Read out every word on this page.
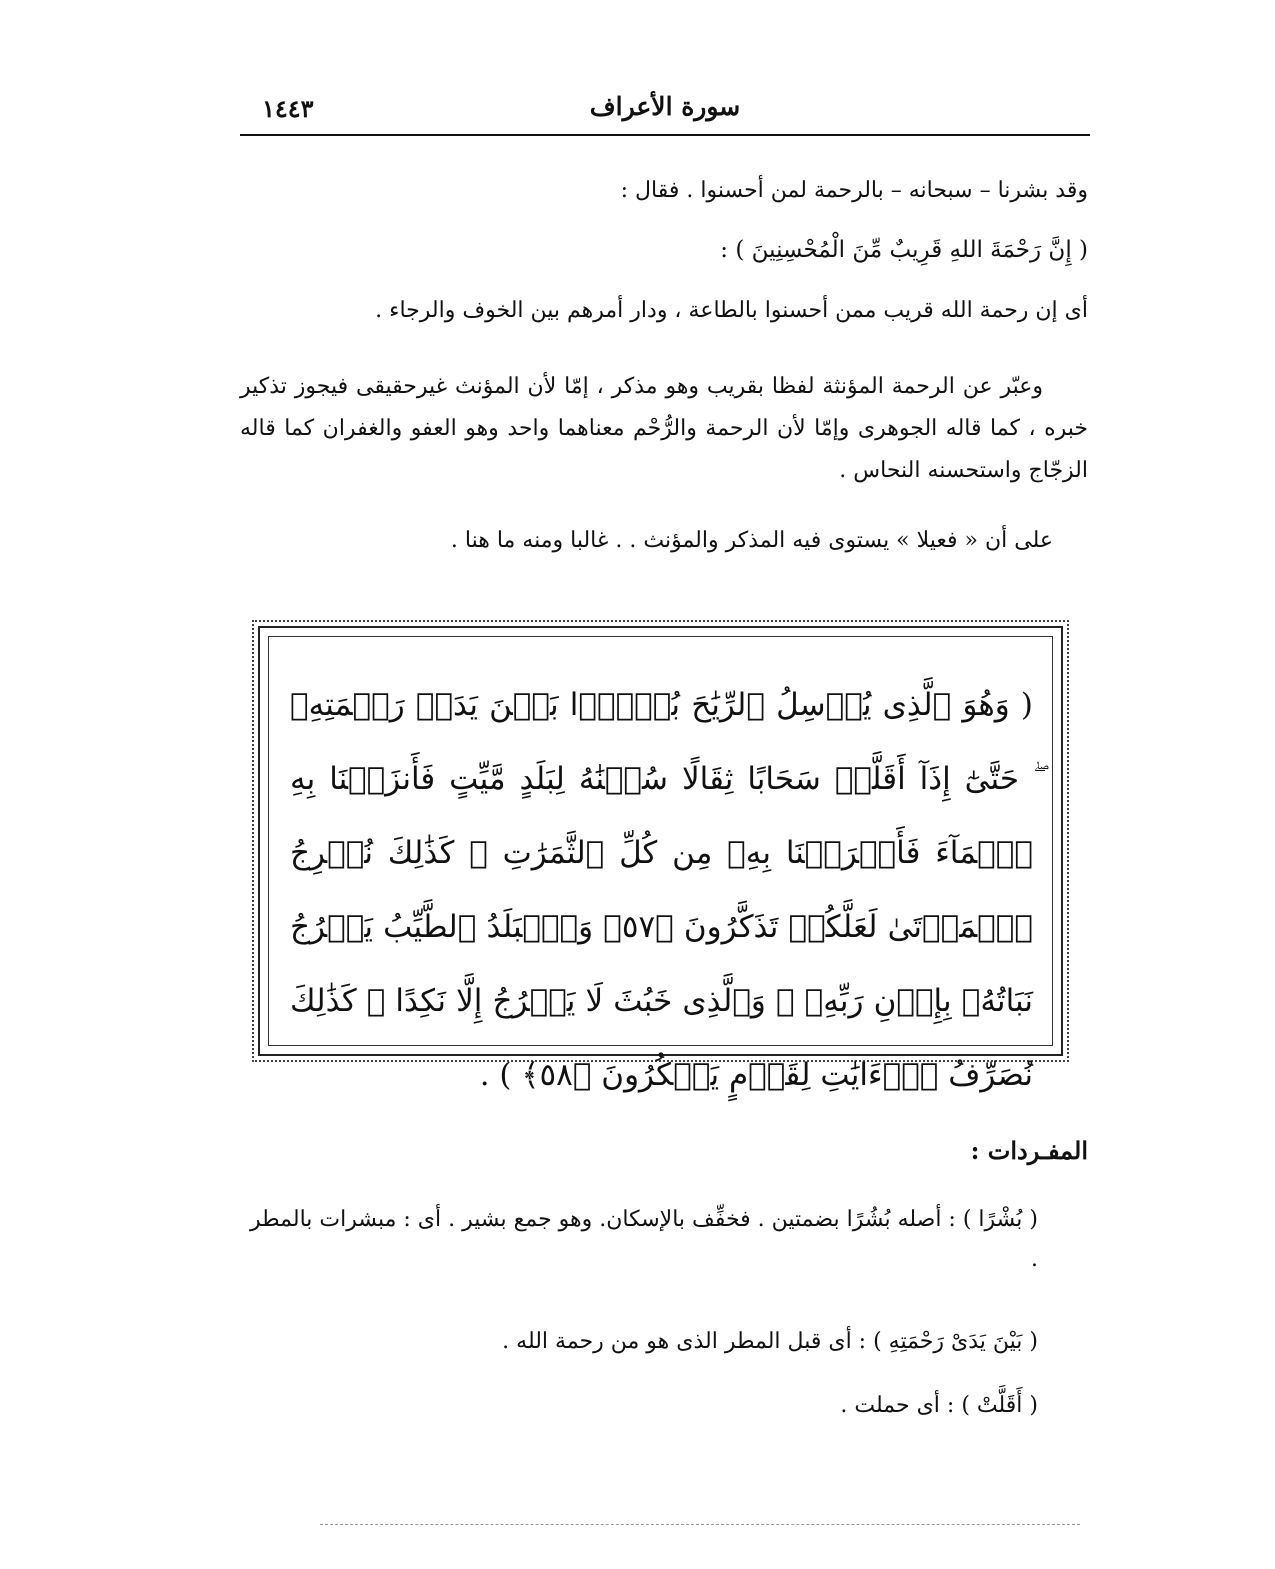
سورة الأعراف
١٤٤٣

وقد بشرنا – سبحانه – بالرحمة لمن أحسنوا . فقال :

( إِنَّ رَحْمَةَ اللهِ قَرِيبٌ مِّنَ الْمُحْسِنِينَ ) :

أى إن رحمة الله قريب ممن أحسنوا بالطاعة ، ودار أمرهم بين الخوف والرجاء .

وعبّر عن الرحمة المؤنثة لفظا بقريب وهو مذكر ، إمّا لأن المؤنث غيرحقيقى فيجوز تذكير خبره ، كما قاله الجوهرى وإمّا لأن الرحمة والرُّحْم معناهما واحد وهو العفو والغفران كما قاله الزجّاج واستحسنه النحاس .

على أن « فعيلا » يستوى فيه المذكر والمؤنث . . غالبا ومنه ما هنا .

( وَهُوَ ٱلَّذِى يُرۡسِلُ ٱلرِّيَٰحَ بُشۡرَۢا بَيۡنَ يَدَىۡ رَحۡمَتِهِۦ ۖ حَتَّىٰٓ إِذَآ أَقَلَّتۡ سَحَابًا ثِقَالًا سُقۡنَٰهُ لِبَلَدٍ مَّيِّتٍ فَأَنزَلۡنَا بِهِ ٱلۡمَآءَ فَأَخۡرَجۡنَا بِهِۦ مِن كُلِّ ٱلثَّمَرَٰتِ ۚ كَذَٰلِكَ نُخۡرِجُ ٱلۡمَوۡتَىٰ لَعَلَّكُمۡ تَذَكَّرُونَ ﴿٥٧﴾ وَٱلۡبَلَدُ ٱلطَّيِّبُ يَخۡرُجُ نَبَاتُهُۥ بِإِذۡنِ رَبِّهِۦ ۖ وَٱلَّذِى خَبُثَ لَا يَخۡرُجُ إِلَّا نَكِدًا ۚ كَذَٰلِكَ نُصَرِّفُ ٱلۡءَايَٰتِ لِقَوۡمٍ يَشۡكُرُونَ ﴿٥٨﴾ ) .

المفـردات :

( بُشْرًا ) : أصله بُشُرًا بضمتين . فخفِّف بالإسكان. وهو جمع بشير . أى : مبشرات بالمطر .

( بَيْنَ يَدَىْ رَحْمَتِهِ ) : أى قبل المطر الذى هو من رحمة الله .

( أَقَلَّتْ ) : أى حملت .
